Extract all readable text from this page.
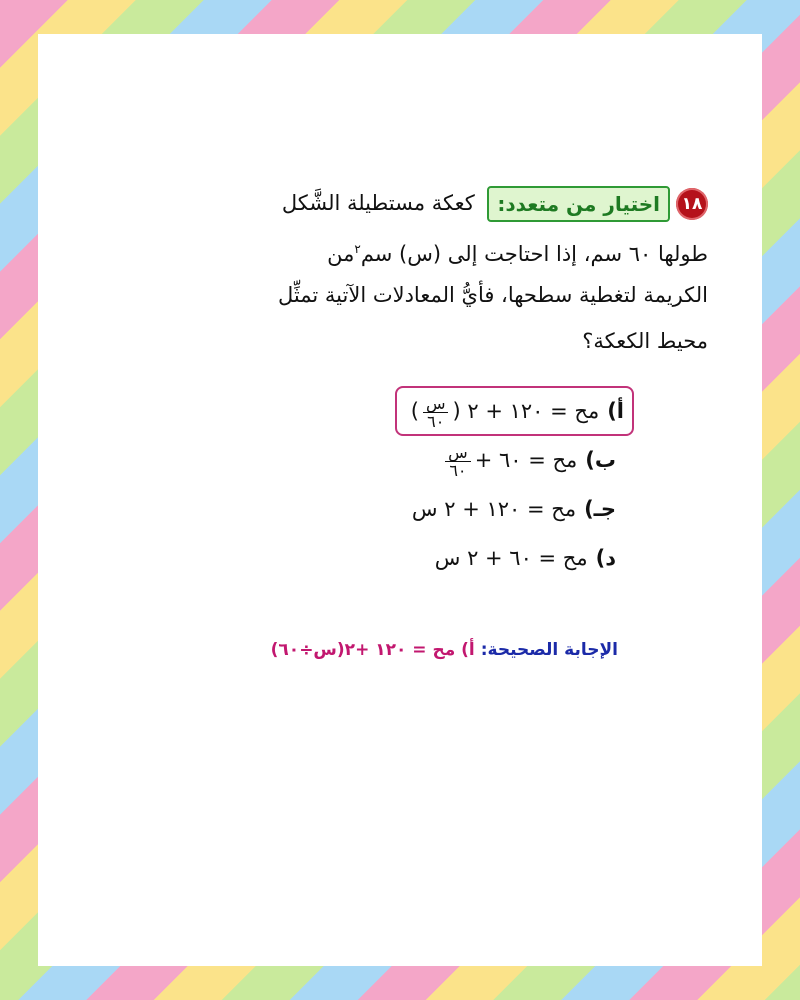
١٨اختيار من متعدد: كعكة مستطيلة الشَّكل
طولها ٦٠ سم، إذا احتاجت إلى (س) سم$^٢$من
الكريمة لتغطية سطحها، فأيُّ المعادلات الآتية تمثِّل
محيط الكعكة؟
أ)مح = ١٢٠ + ٢ (
$\frac{\text{س}}{٦٠}$
)
ب)مح = ٦٠ +
$\frac{\text{س}}{٦٠}$
جـ)مح = ١٢٠ + ٢ س
د)مح = ٦٠ + ٢ س
الإجابة الصحيحة:أ) مح = ١٢٠ +٢(س÷٦٠)
